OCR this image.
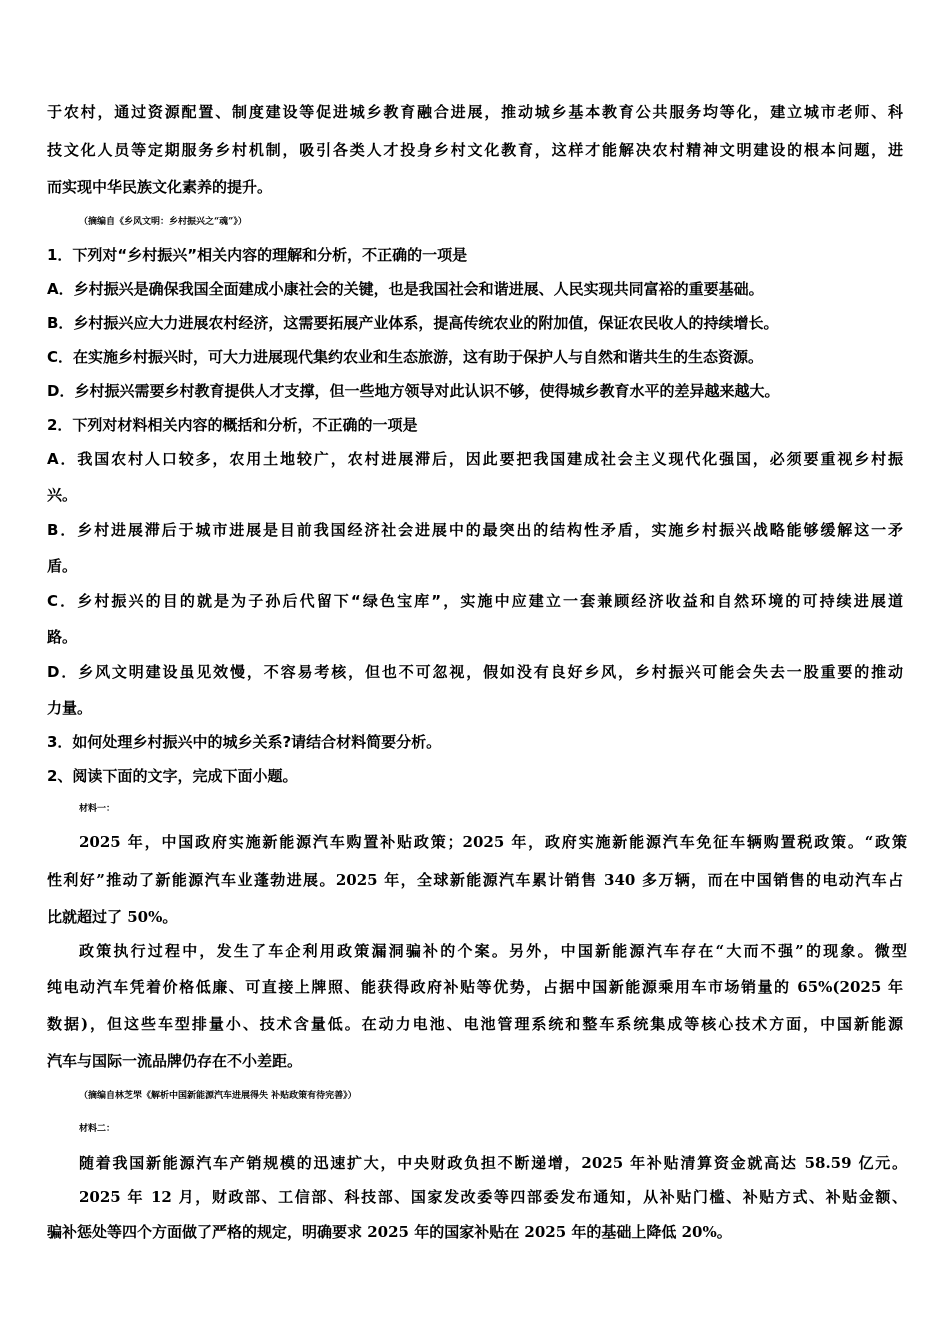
于农村，通过资源配置、制度建设等促进城乡教育融合进展，推动城乡基本教育公共服务均等化，建立城市老师、科
技文化人员等定期服务乡村机制，吸引各类人才投身乡村文化教育，这样才能解决农村精神文明建设的根本问题，进
而实现中华民族文化素养的提升。
（摘编自《乡风文明：乡村振兴之“魂”》）
1．下列对“乡村振兴”相关内容的理解和分析，不正确的一项是
A．乡村振兴是确保我国全面建成小康社会的关键，也是我国社会和谐进展、人民实现共同富裕的重要基础。
B．乡村振兴应大力进展农村经济，这需要拓展产业体系，提高传统农业的附加值，保证农民收人的持续增长。
C．在实施乡村振兴时，可大力进展现代集约农业和生态旅游，这有助于保护人与自然和谐共生的生态资源。
D．乡村振兴需要乡村教育提供人才支撑，但一些地方领导对此认识不够，使得城乡教育水平的差异越来越大。
2．下列对材料相关内容的概括和分析，不正确的一项是
A．我国农村人口较多，农用土地较广，农村进展滞后，因此要把我国建成社会主义现代化强国，必须要重视乡村振
兴。
B．乡村进展滞后于城市进展是目前我国经济社会进展中的最突出的结构性矛盾，实施乡村振兴战略能够缓解这一矛
盾。
C．乡村振兴的目的就是为子孙后代留下“绿色宝库”，实施中应建立一套兼顾经济收益和自然环境的可持续进展道
路。
D．乡风文明建设虽见效慢，不容易考核，但也不可忽视，假如没有良好乡风，乡村振兴可能会失去一股重要的推动
力量。
3．如何处理乡村振兴中的城乡关系?请结合材料简要分析。
2、阅读下面的文字，完成下面小题。
材料一：
2025 年，中国政府实施新能源汽车购置补贴政策；2025 年，政府实施新能源汽车免征车辆购置税政策。“政策
性利好”推动了新能源汽车业蓬勃进展。2025 年，全球新能源汽车累计销售 340 多万辆，而在中国销售的电动汽车占
比就超过了 50%。
政策执行过程中，发生了车企利用政策漏洞骗补的个案。另外，中国新能源汽车存在“大而不强”的现象。微型
纯电动汽车凭着价格低廉、可直接上牌照、能获得政府补贴等优势，占据中国新能源乘用车市场销量的 65%(2025 年
数据)，但这些车型排量小、技术含量低。在动力电池、电池管理系统和整车系统集成等核心技术方面，中国新能源
汽车与国际一流品牌仍存在不小差距。
（摘编自林芝罘《解析中国新能源汽车进展得失 补贴政策有待完善》）
材料二：
随着我国新能源汽车产销规模的迅速扩大，中央财政负担不断递增，2025 年补贴清算资金就高达 58.59 亿元。
2025 年 12 月，财政部、工信部、科技部、国家发改委等四部委发布通知，从补贴门槛、补贴方式、补贴金额、
骗补惩处等四个方面做了严格的规定，明确要求 2025 年的国家补贴在 2025 年的基础上降低 20%。
